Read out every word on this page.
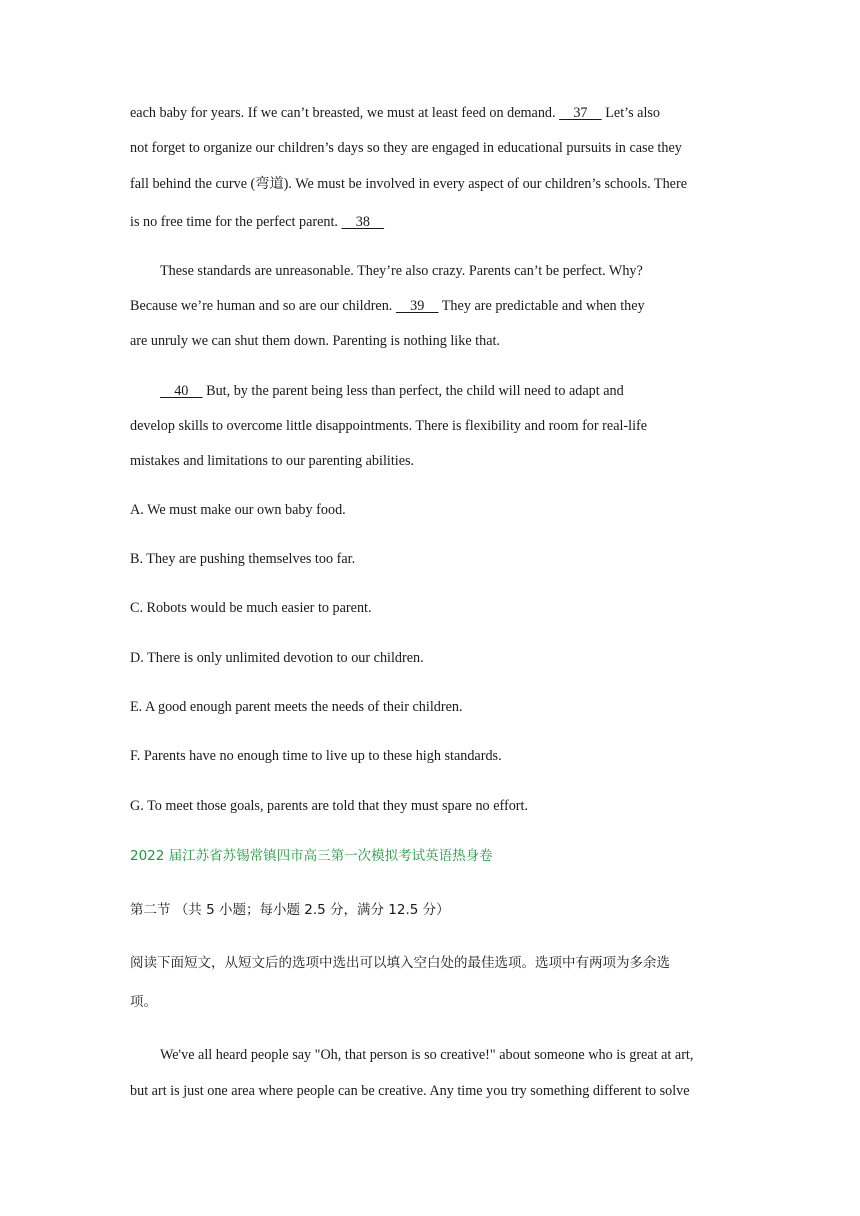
each baby for years. If we can’t breasted, we must at least feed on demand.     37     Let’s also
not forget to organize our children’s days so they are engaged in educational pursuits in case they
fall behind the curve (弯道). We must be involved in every aspect of our children’s schools. There
is no free time for the perfect parent.     38
These standards are unreasonable. They’re also crazy. Parents can’t be perfect. Why?
Because we’re human and so are our children.     39     They are predictable and when they
are unruly we can shut them down. Parenting is nothing like that.
40     But, by the parent being less than perfect, the child will need to adapt and
develop skills to overcome little disappointments. There is flexibility and room for real-life
mistakes and limitations to our parenting abilities.
A. We must make our own baby food.
B. They are pushing themselves too far.
C. Robots would be much easier to parent.
D. There is only unlimited devotion to our children.
E. A good enough parent meets the needs of their children.
F. Parents have no enough time to live up to these high standards.
G. To meet those goals, parents are told that they must spare no effort.
2022 届江苏省苏锡常镇四市高三第一次模拟考试英语热身卷
第二节 （共 5 小题；每小题 2.5 分，满分 12.5 分）
阅读下面短文，从短文后的选项中选出可以填入空白处的最佳选项。选项中有两项为多余选
项。
We've all heard people say "Oh, that person is so creative!" about someone who is great at art,
but art is just one area where people can be creative. Any time you try something different to solve
